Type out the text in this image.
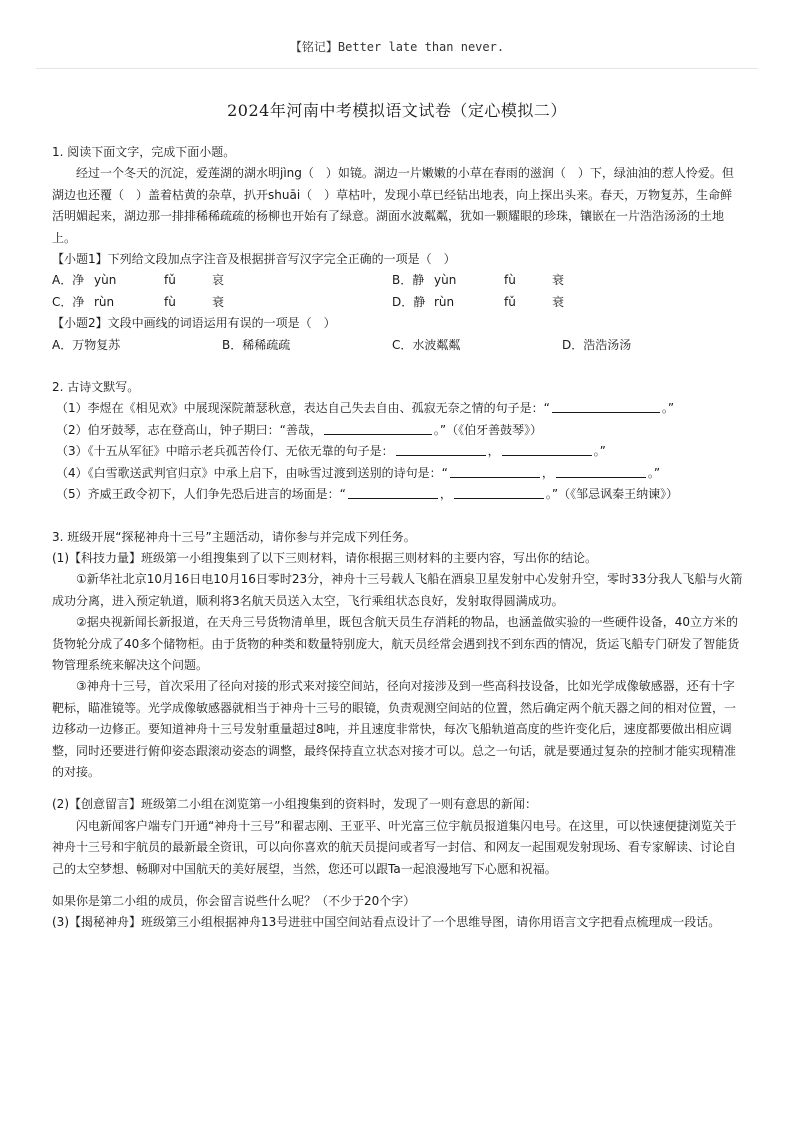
【铭记】Better late than never.
2024年河南中考模拟语文试卷（定心模拟二）

1. 阅读下面文字，完成下面小题。

经过一个冬天的沉淀，爱莲湖的湖水明jìng（　）如镜。湖边一片嫩嫩的小草在春雨的滋润（　）下，绿油油的惹人怜爱。但湖边也还覆（　）盖着枯黄的杂草，扒开shuāi（　）草枯叶，发现小草已经钻出地表，向上探出头来。春天，万物复苏，生命鲜活明媚起来，湖边那一排排稀稀疏疏的杨柳也开始有了绿意。湖面水波粼粼，犹如一颗耀眼的珍珠，镶嵌在一片浩浩汤汤的土地上。

【小题1】下列给文段加点字注音及根据拼音写汉字完全正确的一项是（　）

A．净 yùn	fǔ	哀	B．静 yùn	fù	衰
C．净 rùn	fù	衰	D．静 rùn	fǔ	衰

【小题2】文段中画线的词语运用有误的一项是（　）

A．万物复苏	B．稀稀疏疏	C．水波粼粼	D．浩浩汤汤

2. 古诗文默写。

（1）李煜在《相见欢》中展现深院萧瑟秋意，表达自己失去自由、孤寂无奈之情的句子是：“	。”

（2）伯牙鼓琴，志在登高山，钟子期曰：“善哉，	。”（《伯牙善鼓琴》）

（3）《十五从军征》中暗示老兵孤苦伶仃、无依无靠的句子是：	，	。”

（4）《白雪歌送武判官归京》中承上启下，由咏雪过渡到送别的诗句是：“	，	。”

（5）齐威王政令初下，人们争先恐后进言的场面是：“	，	。”（《邹忌讽秦王纳谏》）

3. 班级开展“探秘神舟十三号”主题活动，请你参与并完成下列任务。

(1)【科技力量】班级第一小组搜集到了以下三则材料，请你根据三则材料的主要内容，写出你的结论。

①新华社北京10月16日电10月16日零时23分，神舟十三号载人飞船在酒泉卫星发射中心发射升空，零时33分我人飞船与火箭成功分离，进入预定轨道，顺利将3名航天员送入太空，飞行乘组状态良好，发射取得圆满成功。

②据央视新闻长新报道，在天舟三号货物清单里，既包含航天员生存消耗的物品，也涵盖做实验的一些硬件设备，40立方米的货物轮分成了40多个储物柜。由于货物的种类和数量特别庞大，航天员经常会遇到找不到东西的情况，货运飞船专门研发了智能货物管理系统来解决这个问题。

③神舟十三号，首次采用了径向对接的形式来对接空间站，径向对接涉及到一些高科技设备，比如光学成像敏感器，还有十字靶标，瞄准镜等。光学成像敏感器就相当于神舟十三号的眼镜，负责观测空间站的位置，然后确定两个航天器之间的相对位置，一边移动一边修正。要知道神舟十三号发射重量超过8吨，并且速度非常快，每次飞船轨道高度的些许变化后，速度都要做出相应调整，同时还要进行俯仰姿态跟滚动姿态的调整，最终保持直立状态对接才可以。总之一句话，就是要通过复杂的控制才能实现精准的对接。

(2)【创意留言】班级第二小组在浏览第一小组搜集到的资料时，发现了一则有意思的新闻：

闪电新闻客户端专门开通“神舟十三号”和翟志刚、王亚平、叶光富三位宇航员报道集闪电号。在这里，可以快速便捷浏览关于神舟十三号和宇航员的最新最全资讯，可以向你喜欢的航天员提问或者写一封信、和网友一起围观发射现场、看专家解读、讨论自己的太空梦想、畅聊对中国航天的美好展望，当然，您还可以跟Ta一起浪漫地写下心愿和祝福。

如果你是第二小组的成员，你会留言说些什么呢？（不少于20个字）

(3)【揭秘神舟】班级第三小组根据神舟13号进驻中国空间站看点设计了一个思维导图，请你用语言文字把看点梳理成一段话。
